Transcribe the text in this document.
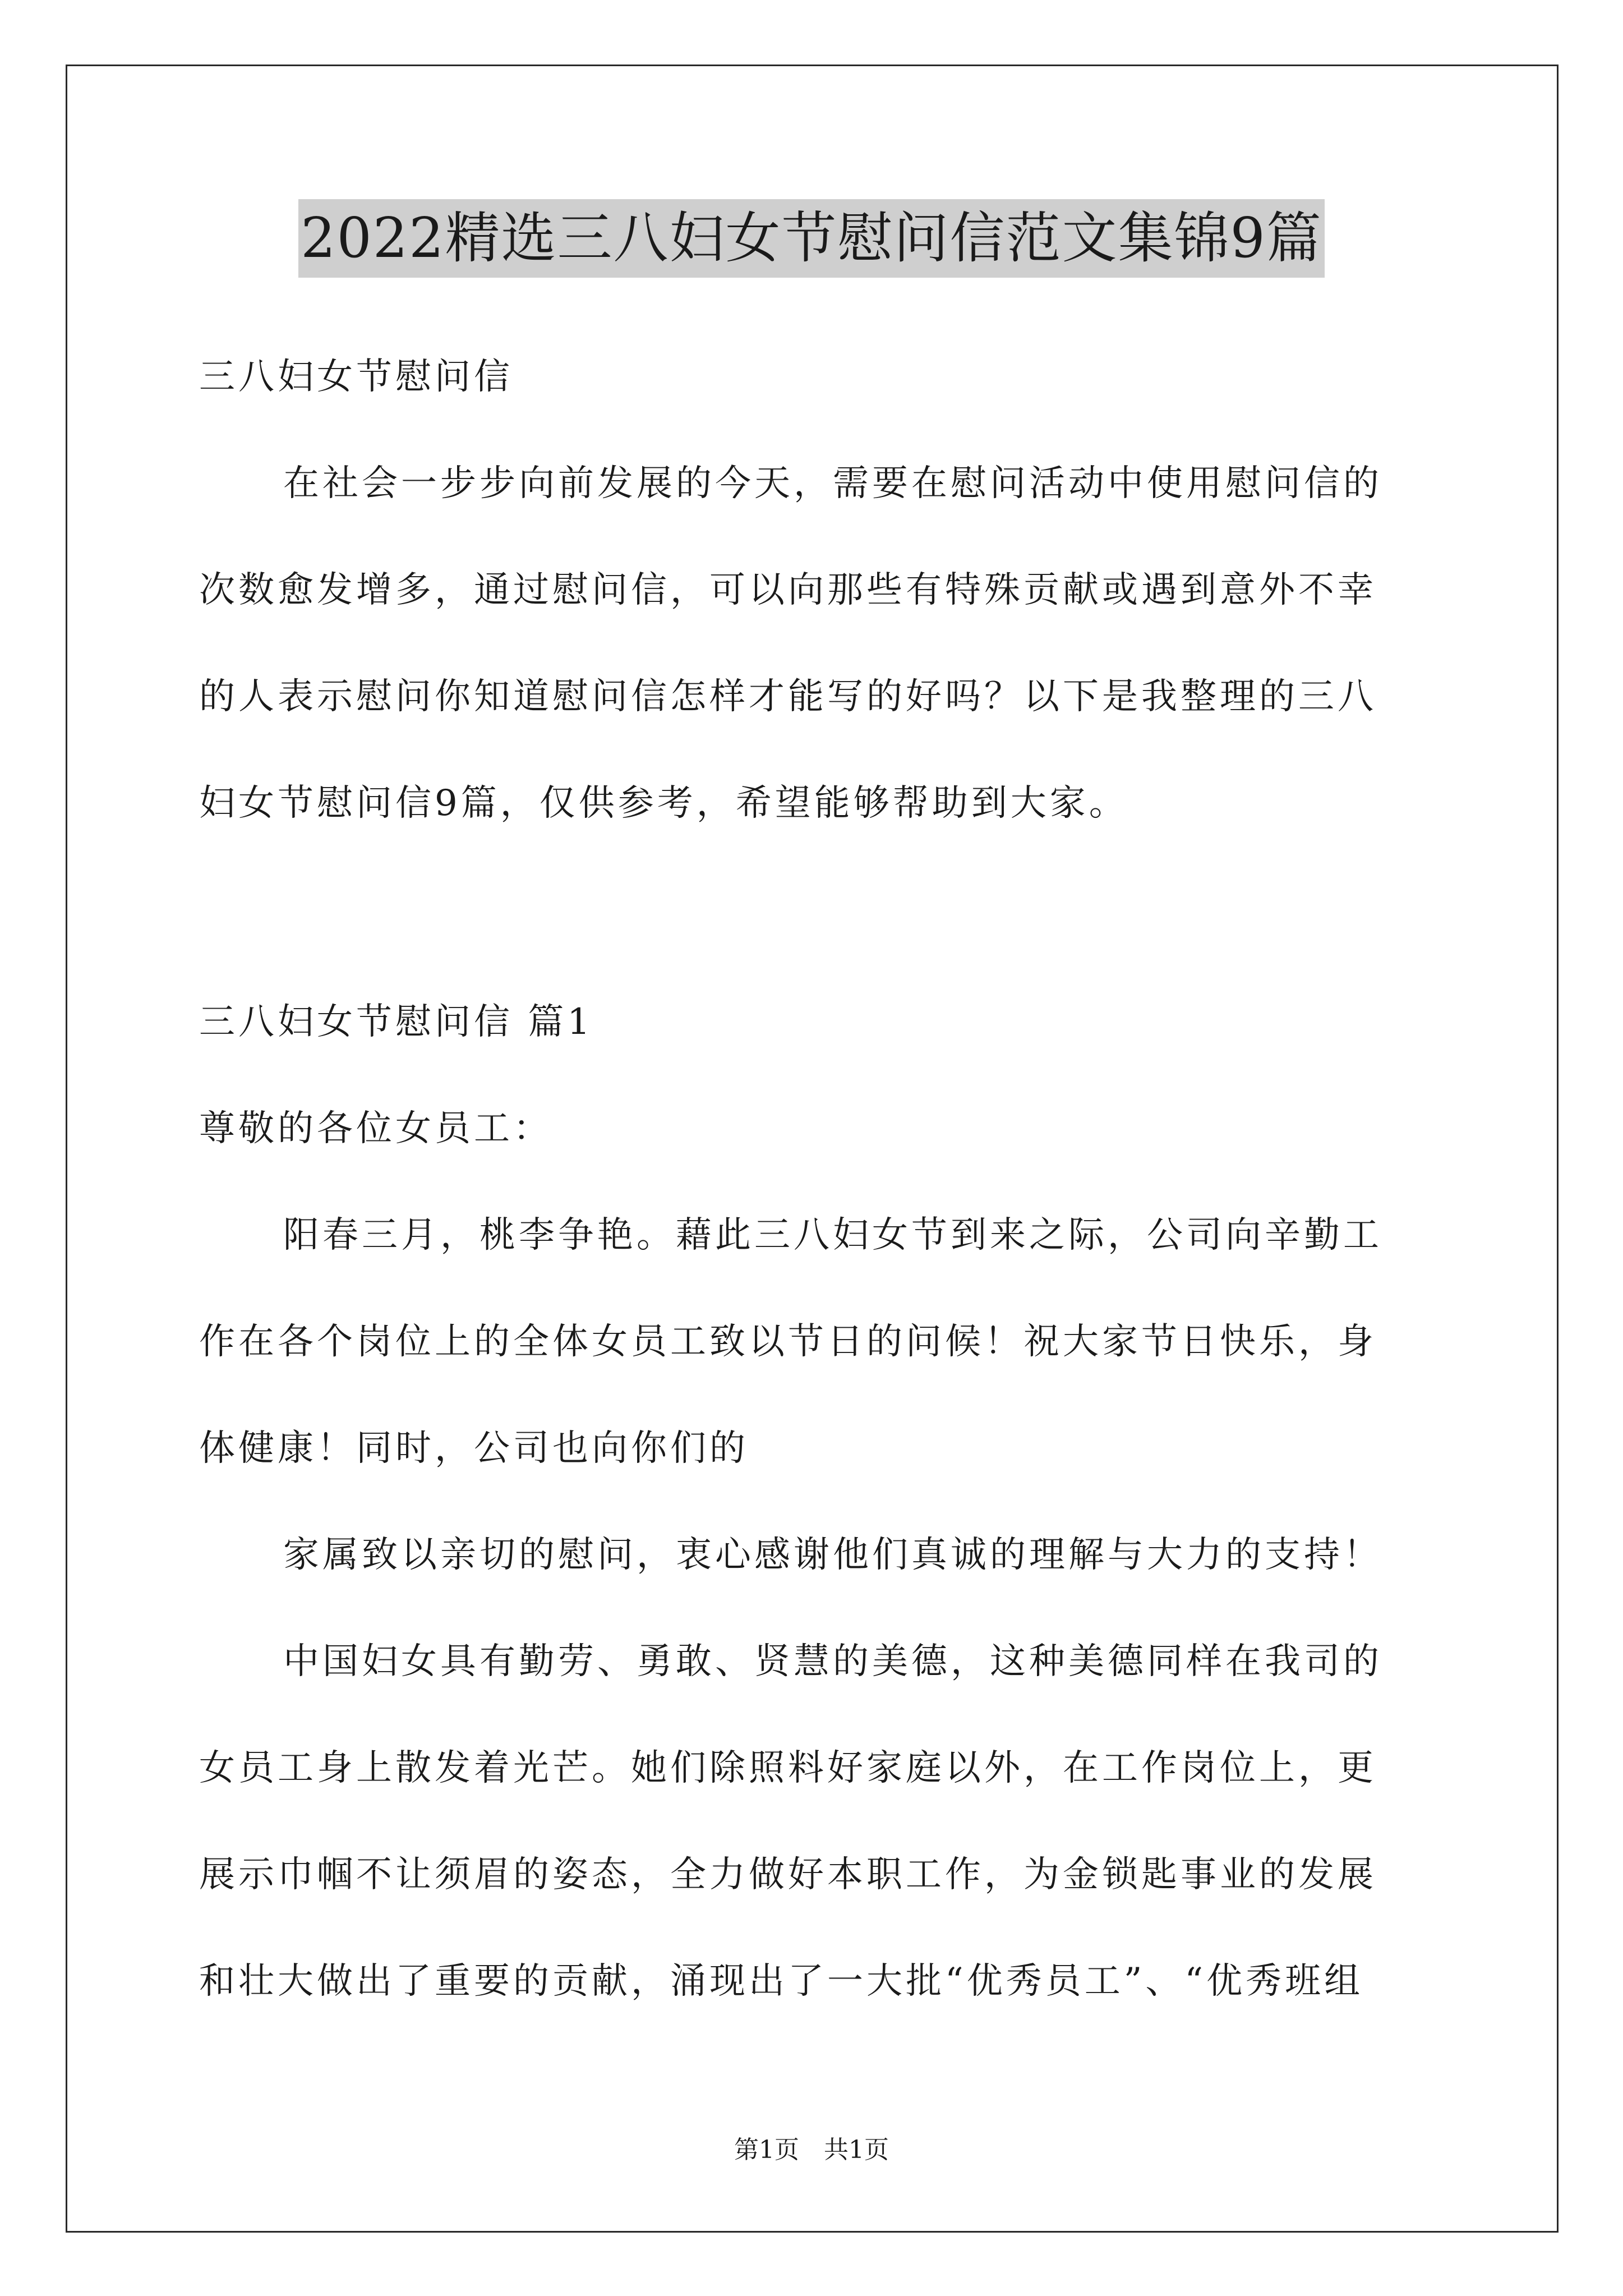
2022精选三八妇女节慰问信范文集锦9篇
三八妇女节慰问信
在社会一步步向前发展的今天，需要在慰问活动中使用慰问信的
次数愈发增多，通过慰问信，可以向那些有特殊贡献或遇到意外不幸
的人表示慰问你知道慰问信怎样才能写的好吗？以下是我整理的三八
妇女节慰问信9篇，仅供参考，希望能够帮助到大家。
三八妇女节慰问信 篇1
尊敬的各位女员工：
阳春三月，桃李争艳。藉此三八妇女节到来之际，公司向辛勤工
作在各个岗位上的全体女员工致以节日的问候！祝大家节日快乐，身
体健康！同时，公司也向你们的
家属致以亲切的慰问，衷心感谢他们真诚的理解与大力的支持！
中国妇女具有勤劳、勇敢、贤慧的美德，这种美德同样在我司的
女员工身上散发着光芒。她们除照料好家庭以外，在工作岗位上，更
展示巾帼不让须眉的姿态，全力做好本职工作，为金锁匙事业的发展
和壮大做出了重要的贡献，涌现出了一大批“优秀员工”、“优秀班组
第1页　共1页
